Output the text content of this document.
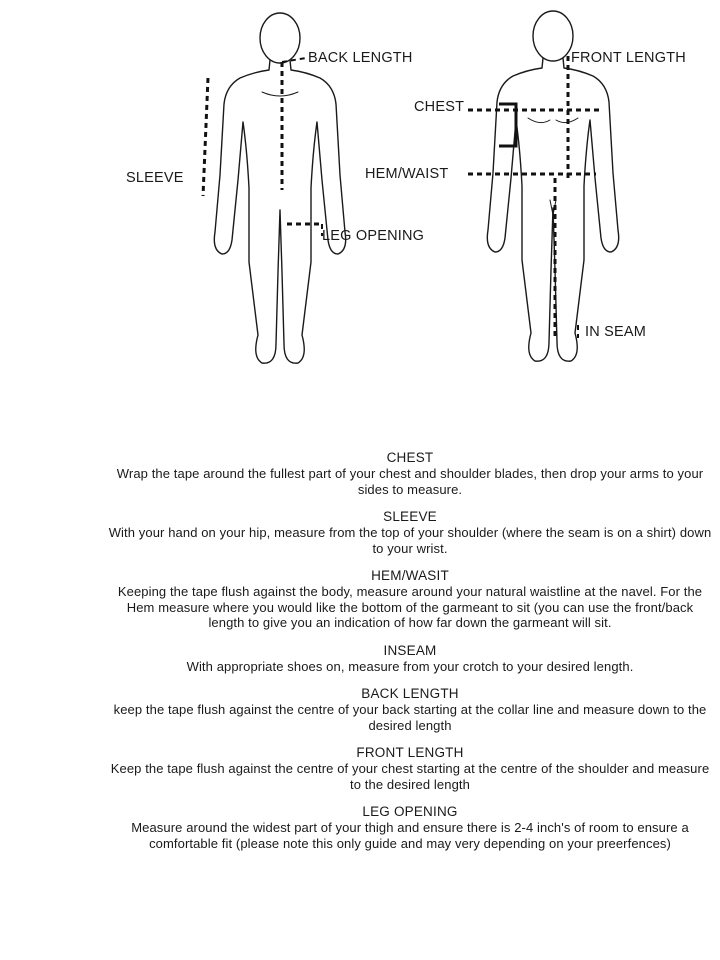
BACK LENGTH
SLEEVE
LEG OPENING
FRONT LENGTH
CHEST
HEM/WAIST
IN SEAM
CHEST

Wrap the tape around the fullest part of your chest and shoulder blades, then drop your arms to your sides to measure.

SLEEVE

With your hand on your hip, measure from the top of your shoulder (where the seam is on a shirt) down to your wrist.

HEM/WASIT

Keeping the tape flush against the body, measure around your natural waistline at the navel. For the Hem measure where you would like the bottom of the garmeant to sit (you can use the front/back length to give you an indication of how far down the garmeant will sit.

INSEAM

With appropriate shoes on, measure from your crotch to your desired length.

BACK LENGTH

keep the tape flush against the centre of your back starting at the collar line and measure down to the desired length

FRONT LENGTH

Keep the tape flush against the centre of your chest starting at the centre of the shoulder and measure to the desired length

LEG OPENING

Measure around the widest part of your thigh and ensure there is 2-4 inch's of room to ensure a comfortable fit (please note this only guide and may very depending on your preerfences)
